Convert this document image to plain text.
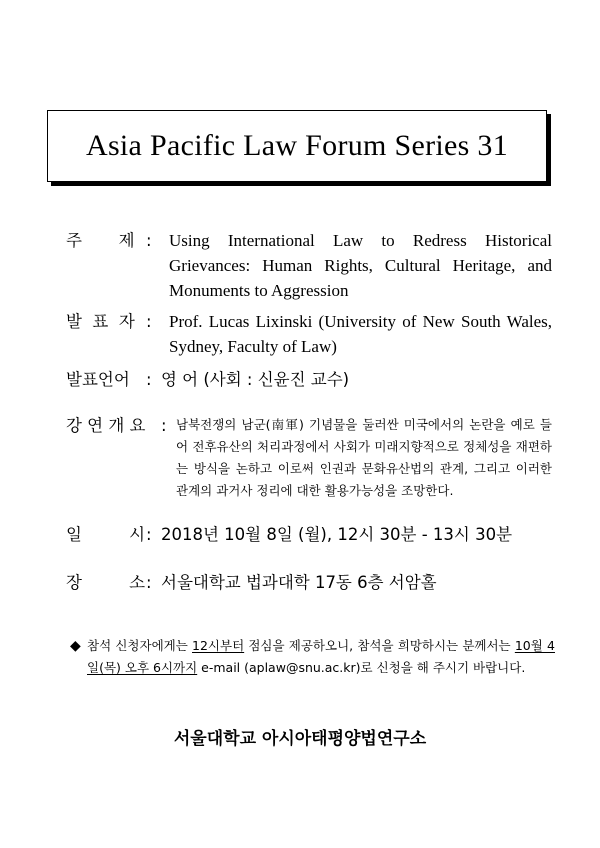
Asia Pacific Law Forum Series 31
주       제 : Using International Law to Redress Historical Grievances: Human Rights, Cultural Heritage, and Monuments to Aggression
발  표  자 : Prof. Lucas Lixinski (University of New South Wales, Sydney, Faculty of Law)
발표언어 : 영 어 (사회 : 신윤진 교수)
강 연 개 요 : 남북전쟁의 남군(南軍) 기념물을 둘러싼 미국에서의 논란을 예로 들어 전후유산의 처리과정에서 사회가 미래지향적으로 정체성을 재편하는 방식을 논하고 이로써 인권과 문화유산법의 관계, 그리고 이러한 관계의 과거사 정리에 대한 활용가능성을 조망한다.
일         시 : 2018년 10월 8일 (월), 12시 30분 - 13시 30분
장         소 : 서울대학교 법과대학 17동 6층 서암홀
◆ 참석 신청자에게는 12시부터 점심을 제공하오니, 참석을 희망하시는 분께서는 10월 4일(목) 오후 6시까지 e-mail (aplaw@snu.ac.kr)로 신청을 해 주시기 바랍니다.
서울대학교 아시아태평양법연구소
